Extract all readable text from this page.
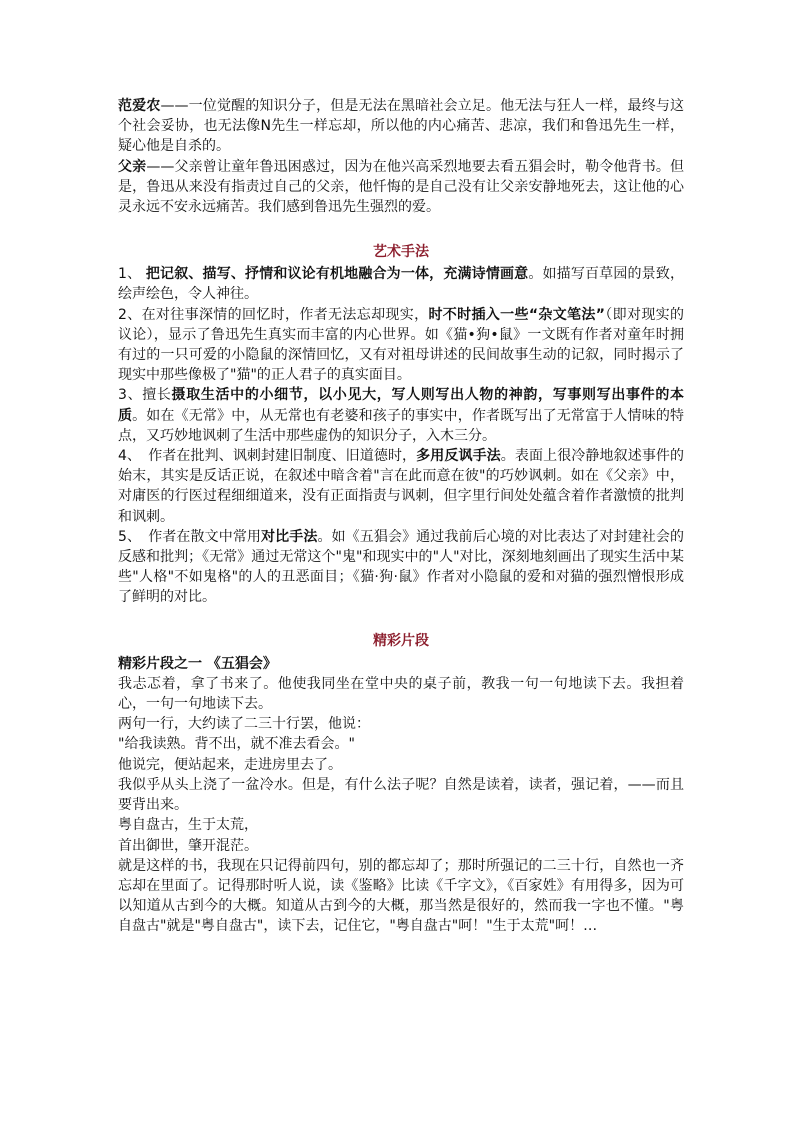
范爱农——一位觉醒的知识分子，但是无法在黑暗社会立足。他无法与狂人一样，最终与这个社会妥协，也无法像N先生一样忘却，所以他的内心痛苦、悲凉，我们和鲁迅先生一样，疑心他是自杀的。

父亲——父亲曾让童年鲁迅困惑过，因为在他兴高采烈地要去看五猖会时，勒令他背书。但是，鲁迅从来没有指责过自己的父亲，他忏悔的是自己没有让父亲安静地死去，这让他的心灵永远不安永远痛苦。我们感到鲁迅先生强烈的爱。

艺术手法

1、 把记叙、描写、抒情和议论有机地融合为一体，充满诗情画意。如描写百草园的景致，绘声绘色，令人神往。

2、在对往事深情的回忆时，作者无法忘却现实，时不时插入一些“杂文笔法”（即对现实的议论），显示了鲁迅先生真实而丰富的内心世界。如《猫•狗•鼠》一文既有作者对童年时拥有过的一只可爱的小隐鼠的深情回忆，又有对祖母讲述的民间故事生动的记叙，同时揭示了现实中那些像极了"猫"的正人君子的真实面目。

3、擅长摄取生活中的小细节，以小见大，写人则写出人物的神韵，写事则写出事件的本质。如在《无常》中，从无常也有老婆和孩子的事实中，作者既写出了无常富于人情味的特点，又巧妙地讽刺了生活中那些虚伪的知识分子，入木三分。

4、　作者在批判、讽刺封建旧制度、旧道德时，多用反讽手法。表面上很冷静地叙述事件的始末，其实是反话正说，在叙述中暗含着"言在此而意在彼"的巧妙讽刺。如在《父亲》中，对庸医的行医过程细细道来，没有正面指责与讽刺，但字里行间处处蕴含着作者激愤的批判和讽刺。

5、　作者在散文中常用对比手法。如《五猖会》通过我前后心境的对比表达了对封建社会的反感和批判；《无常》通过无常这个"鬼"和现实中的"人"对比，深刻地刻画出了现实生活中某些"人格"不如鬼格"的人的丑恶面目；《猫·狗·鼠》作者对小隐鼠的爱和对猫的强烈憎恨形成了鲜明的对比。

精彩片段

精彩片段之一 《五猖会》

我忐忑着，拿了书来了。他使我同坐在堂中央的桌子前，教我一句一句地读下去。我担着心，一句一句地读下去。

两句一行，大约读了二三十行罢，他说：

"给我读熟。背不出，就不准去看会。"

他说完，便站起来，走进房里去了。

我似乎从头上浇了一盆冷水。但是，有什么法子呢？自然是读着，读者，强记着，——而且要背出来。

粤自盘古，生于太荒，

首出御世，肇开混茫。

就是这样的书，我现在只记得前四句，别的都忘却了；那时所强记的二三十行，自然也一齐忘却在里面了。记得那时听人说，读《鉴略》比读《千字文》，《百家姓》有用得多，因为可以知道从古到今的大概。知道从古到今的大概，那当然是很好的，然而我一字也不懂。"粤自盘古"就是"粤自盘古"，读下去，记住它，"粤自盘古"呵！"生于太荒"呵！…
